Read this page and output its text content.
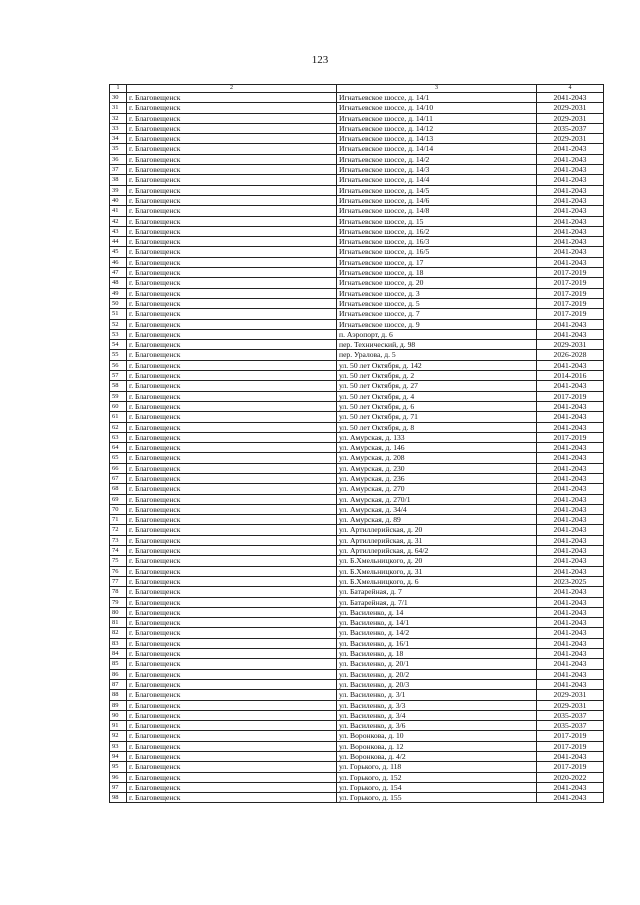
123
1	2	3	4
30	г. Благовещенск	Игнатьевское шоссе, д. 14/1	2041-2043
31	г. Благовещенск	Игнатьевское шоссе, д. 14/10	2029-2031
32	г. Благовещенск	Игнатьевское шоссе, д. 14/11	2029-2031
33	г. Благовещенск	Игнатьевское шоссе, д. 14/12	2035-2037
34	г. Благовещенск	Игнатьевское шоссе, д. 14/13	2029-2031
35	г. Благовещенск	Игнатьевское шоссе, д. 14/14	2041-2043
36	г. Благовещенск	Игнатьевское шоссе, д. 14/2	2041-2043
37	г. Благовещенск	Игнатьевское шоссе, д. 14/3	2041-2043
38	г. Благовещенск	Игнатьевское шоссе, д. 14/4	2041-2043
39	г. Благовещенск	Игнатьевское шоссе, д. 14/5	2041-2043
40	г. Благовещенск	Игнатьевское шоссе, д. 14/6	2041-2043
41	г. Благовещенск	Игнатьевское шоссе, д. 14/8	2041-2043
42	г. Благовещенск	Игнатьевское шоссе, д. 15	2041-2043
43	г. Благовещенск	Игнатьевское шоссе, д. 16/2	2041-2043
44	г. Благовещенск	Игнатьевское шоссе, д. 16/3	2041-2043
45	г. Благовещенск	Игнатьевское шоссе, д. 16/5	2041-2043
46	г. Благовещенск	Игнатьевское шоссе, д. 17	2041-2043
47	г. Благовещенск	Игнатьевское шоссе, д. 18	2017-2019
48	г. Благовещенск	Игнатьевское шоссе, д. 20	2017-2019
49	г. Благовещенск	Игнатьевское шоссе, д. 3	2017-2019
50	г. Благовещенск	Игнатьевское шоссе, д. 5	2017-2019
51	г. Благовещенск	Игнатьевское шоссе, д. 7	2017-2019
52	г. Благовещенск	Игнатьевское шоссе, д. 9	2041-2043
53	г. Благовещенск	п. Аэропорт, д. 6	2041-2043
54	г. Благовещенск	пер. Технический, д. 98	2029-2031
55	г. Благовещенск	пер. Уралова, д. 5	2026-2028
56	г. Благовещенск	ул. 50 лет Октября, д. 142	2041-2043
57	г. Благовещенск	ул. 50 лет Октября, д. 2	2014-2016
58	г. Благовещенск	ул. 50 лет Октября, д. 27	2041-2043
59	г. Благовещенск	ул. 50 лет Октября, д. 4	2017-2019
60	г. Благовещенск	ул. 50 лет Октября, д. 6	2041-2043
61	г. Благовещенск	ул. 50 лет Октября, д. 71	2041-2043
62	г. Благовещенск	ул. 50 лет Октября, д. 8	2041-2043
63	г. Благовещенск	ул. Амурская, д. 133	2017-2019
64	г. Благовещенск	ул. Амурская, д. 146	2041-2043
65	г. Благовещенск	ул. Амурская, д. 208	2041-2043
66	г. Благовещенск	ул. Амурская, д. 230	2041-2043
67	г. Благовещенск	ул. Амурская, д. 236	2041-2043
68	г. Благовещенск	ул. Амурская, д. 270	2041-2043
69	г. Благовещенск	ул. Амурская, д. 270/1	2041-2043
70	г. Благовещенск	ул. Амурская, д. 34/4	2041-2043
71	г. Благовещенск	ул. Амурская, д. 89	2041-2043
72	г. Благовещенск	ул. Артиллерийская, д. 20	2041-2043
73	г. Благовещенск	ул. Артиллерийская, д. 31	2041-2043
74	г. Благовещенск	ул. Артиллерийская, д. 64/2	2041-2043
75	г. Благовещенск	ул. Б.Хмельницкого, д. 20	2041-2043
76	г. Благовещенск	ул. Б.Хмельницкого, д. 31	2041-2043
77	г. Благовещенск	ул. Б.Хмельницкого, д. 6	2023-2025
78	г. Благовещенск	ул. Батарейная, д. 7	2041-2043
79	г. Благовещенск	ул. Батарейная, д. 7/1	2041-2043
80	г. Благовещенск	ул. Василенко, д. 14	2041-2043
81	г. Благовещенск	ул. Василенко, д. 14/1	2041-2043
82	г. Благовещенск	ул. Василенко, д. 14/2	2041-2043
83	г. Благовещенск	ул. Василенко, д. 16/1	2041-2043
84	г. Благовещенск	ул. Василенко, д. 18	2041-2043
85	г. Благовещенск	ул. Василенко, д. 20/1	2041-2043
86	г. Благовещенск	ул. Василенко, д. 20/2	2041-2043
87	г. Благовещенск	ул. Василенко, д. 20/3	2041-2043
88	г. Благовещенск	ул. Василенко, д. 3/1	2029-2031
89	г. Благовещенск	ул. Василенко, д. 3/3	2029-2031
90	г. Благовещенск	ул. Василенко, д. 3/4	2035-2037
91	г. Благовещенск	ул. Василенко, д. 3/6	2035-2037
92	г. Благовещенск	ул. Воронкова, д. 10	2017-2019
93	г. Благовещенск	ул. Воронкова, д. 12	2017-2019
94	г. Благовещенск	ул. Воронкова, д. 4/2	2041-2043
95	г. Благовещенск	ул. Горького, д. 118	2017-2019
96	г. Благовещенск	ул. Горького, д. 152	2020-2022
97	г. Благовещенск	ул. Горького, д. 154	2041-2043
98	г. Благовещенск	ул. Горького, д. 155	2041-2043
